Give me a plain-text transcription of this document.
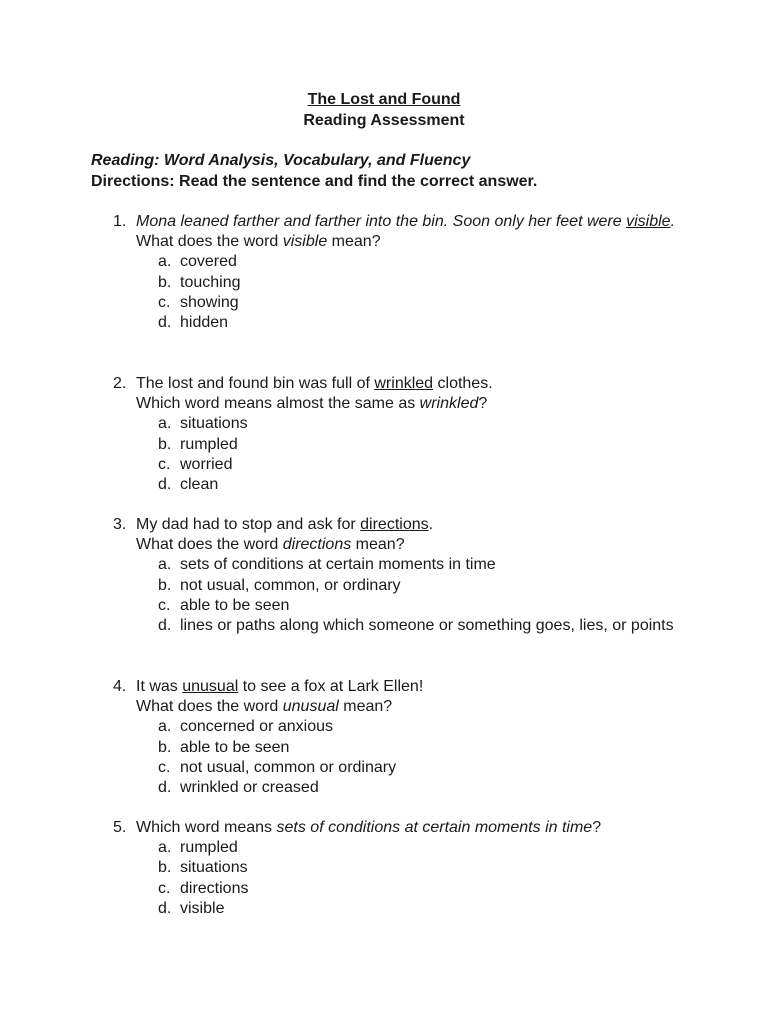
The Lost and Found
Reading Assessment
Reading: Word Analysis, Vocabulary, and Fluency
Directions: Read the sentence and find the correct answer.
1. Mona leaned farther and farther into the bin. Soon only her feet were visible.
What does the word visible mean?
a. covered
b. touching
c. showing
d. hidden
2. The lost and found bin was full of wrinkled clothes.
Which word means almost the same as wrinkled?
a. situations
b. rumpled
c. worried
d. clean
3. My dad had to stop and ask for directions.
What does the word directions mean?
a. sets of conditions at certain moments in time
b. not usual, common, or ordinary
c. able to be seen
d. lines or paths along which someone or something goes, lies, or points
4. It was unusual to see a fox at Lark Ellen!
What does the word unusual mean?
a. concerned or anxious
b. able to be seen
c. not usual, common or ordinary
d. wrinkled or creased
5. Which word means sets of conditions at certain moments in time?
a. rumpled
b. situations
c. directions
d. visible
